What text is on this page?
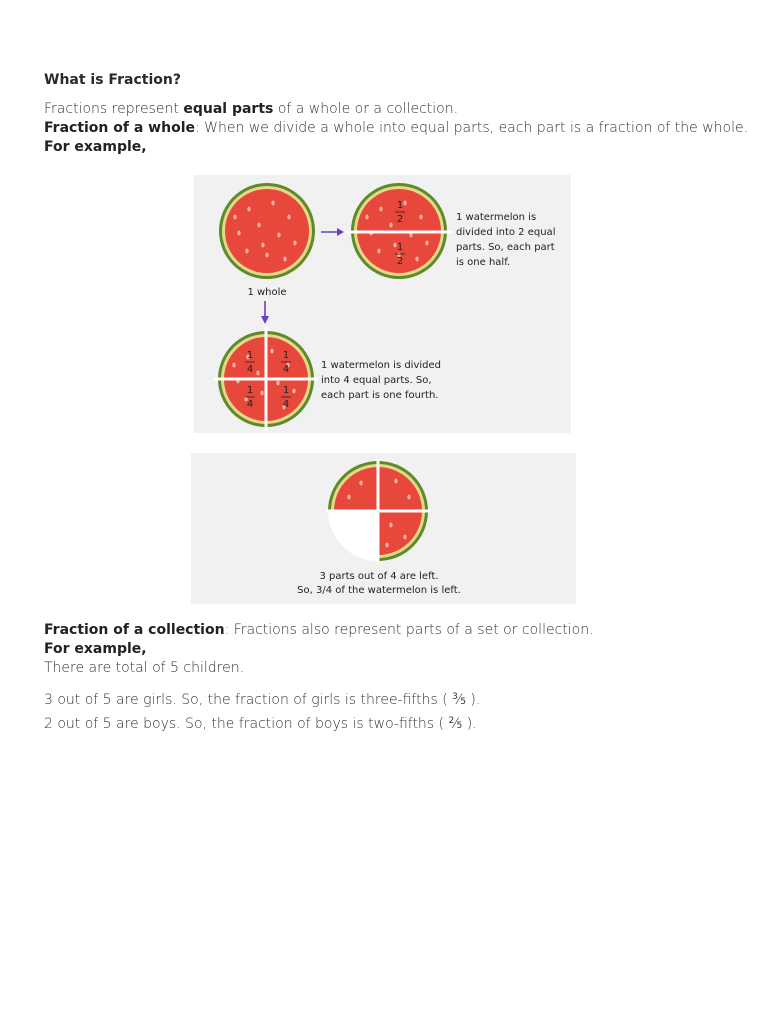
What is Fraction?

Fractions represent equal parts of a whole or a collection.

Fraction of a whole: When we divide a whole into equal parts, each part is a fraction of the whole.

For example,

1 whole
1
2
1
2
1 watermelon is
divided into 2 equal
parts. So, each part
is one half.
1
4
1
4
1
4
1
4
1 watermelon is divided
into 4 equal parts. So,
each part is one fourth.
3 parts out of 4 are left.
So, 3/4 of the watermelon is left.

Fraction of a collection: Fractions also represent parts of a set or collection.

For example,

There are total of 5 children.

3 out of 5 are girls. So, the fraction of girls is three-fifths ( $^3$⁄5 ).

2 out of 5 are boys. So, the fraction of boys is two-fifths ( $^2$⁄5 ).
